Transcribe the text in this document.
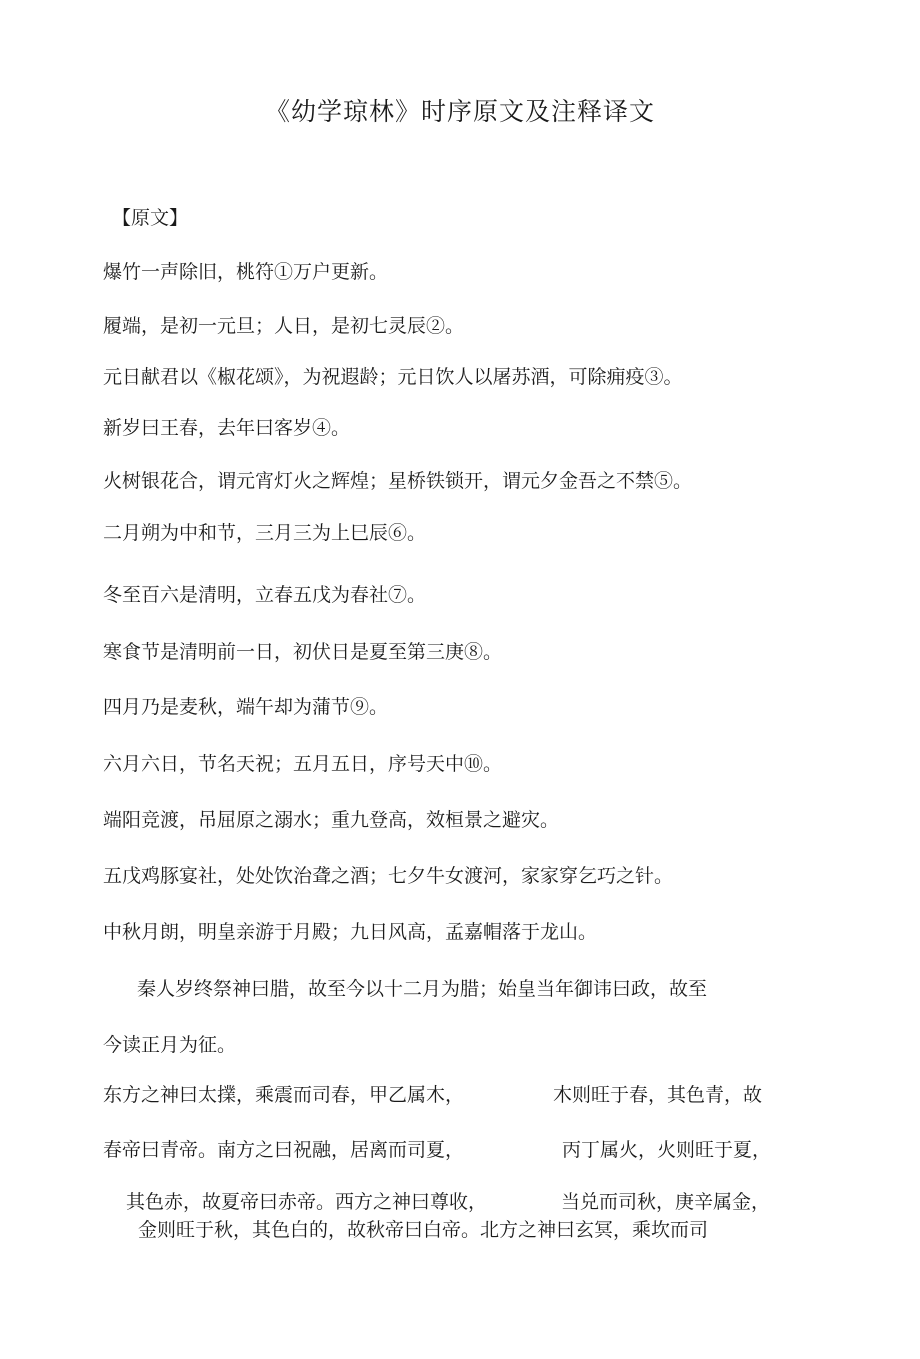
《幼学琼林》时序原文及注释译文
【原文】
爆竹一声除旧，桃符①万户更新。
履端，是初一元旦；人日，是初七灵辰②。
元日献君以《椒花颂》，为祝遐龄；元日饮人以屠苏酒，可除痈疫③。
新岁曰王春，去年曰客岁④。
火树银花合，谓元宵灯火之辉煌；星桥铁锁开，谓元夕金吾之不禁⑤。
二月朔为中和节，三月三为上巳辰⑥。
冬至百六是清明，立春五戊为春社⑦。
寒食节是清明前一日，初伏日是夏至第三庚⑧。
四月乃是麦秋，端午却为蒲节⑨。
六月六日，节名天祝；五月五日，序号天中⑩。
端阳竞渡，吊屈原之溺水；重九登高，效桓景之避灾。
五戊鸡豚宴社，处处饮治聋之酒；七夕牛女渡河，家家穿乞巧之针。
中秋月朗，明皇亲游于月殿；九日风高，孟嘉帽落于龙山。
秦人岁终祭神曰腊，故至今以十二月为腊；始皇当年御讳曰政，故至
今读正月为征。
东方之神曰太擈，乘震而司春，甲乙属木，	木则旺于春，其色青，故
春帝曰青帝。南方之曰祝融，居离而司夏，	丙丁属火，火则旺于夏，
其色赤，故夏帝曰赤帝。西方之神曰尊收，	当兑而司秋，庚辛属金，
金则旺于秋，其色白的，故秋帝曰白帝。北方之神曰玄冥，乘坎而司
